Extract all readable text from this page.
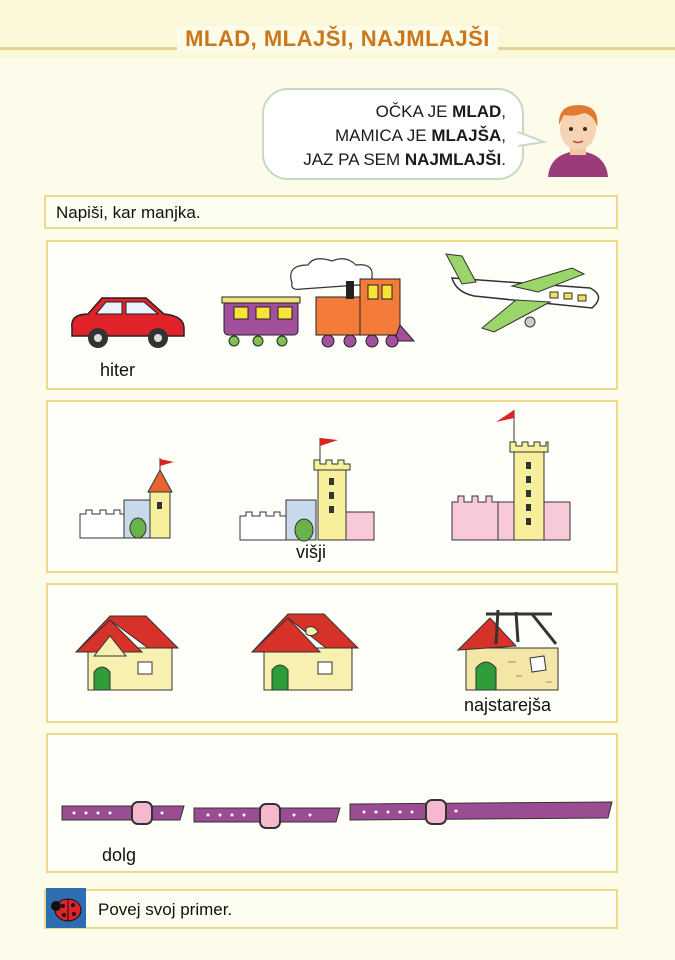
MLAD, MLAJŠI, NAJMLAJŠI
OČKA JE MLAD,
MAMICA JE MLAJŠA,
JAZ PA SEM NAJMLAJŠI.
Napiši, kar manjka.
hiter
višji
najstarejša
dolg
Povej svoj primer.
